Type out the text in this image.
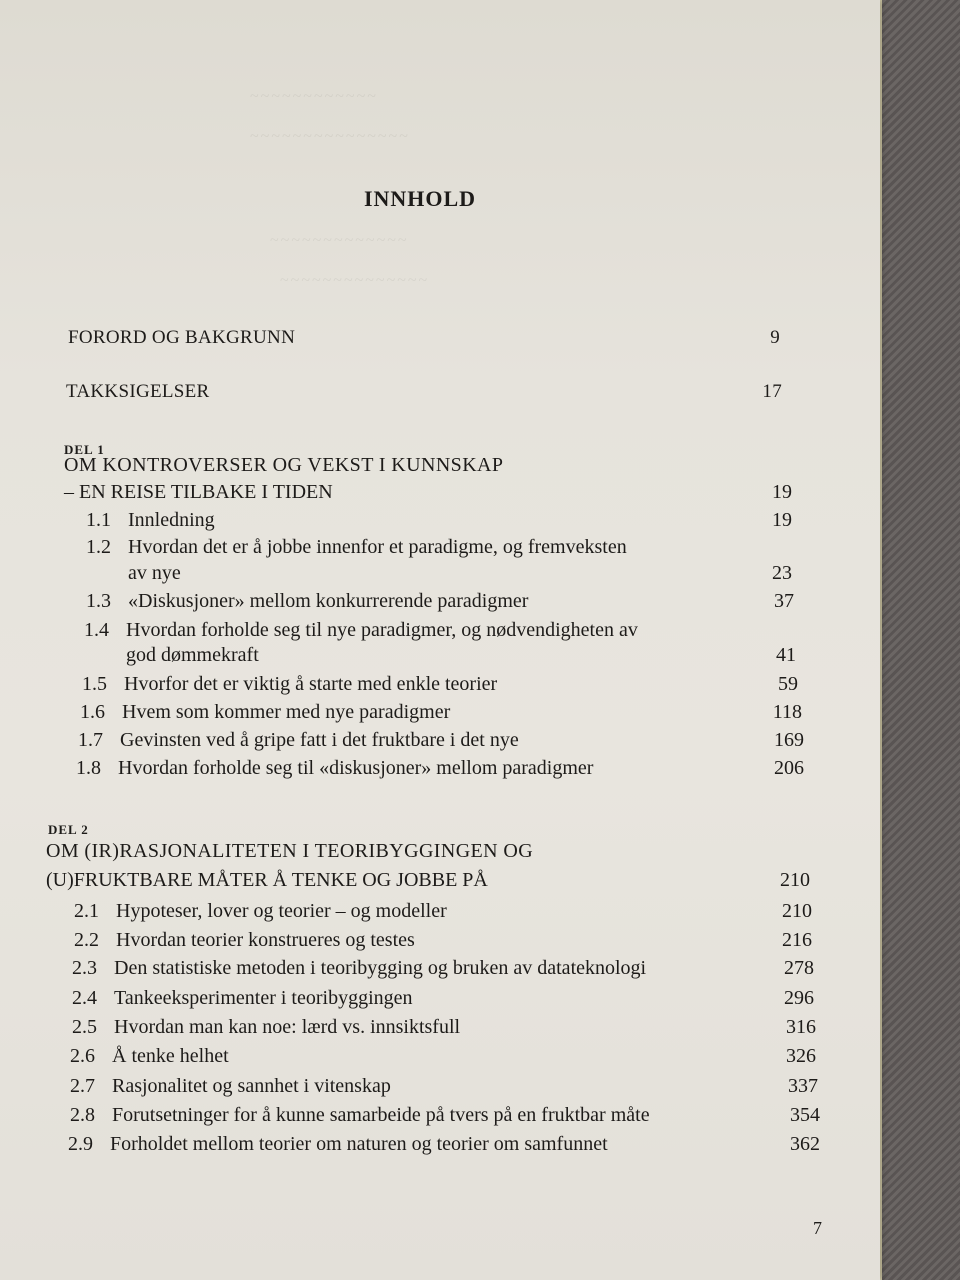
~~~~~~~~~~~~
~~~~~~~~~~~~~~~
~~~~~~~~~~~~~
~~~~~~~~~~~~~~
INNHOLD
FORORD OG BAKGRUNN	9
TAKKSIGELSER	17
DEL 1
OM KONTROVERSER OG VEKST I KUNNSKAP
– EN REISE TILBAKE I TIDEN	19
1.1 Innledning	19
1.2 Hvordan det er å jobbe innenfor et paradigme, og fremveksten
av nye	23
1.3 «Diskusjoner» mellom konkurrerende paradigmer	37
1.4 Hvordan forholde seg til nye paradigmer, og nødvendigheten av
god dømmekraft	41
1.5 Hvorfor det er viktig å starte med enkle teorier	59
1.6 Hvem som kommer med nye paradigmer	118
1.7 Gevinsten ved å gripe fatt i det fruktbare i det nye	169
1.8 Hvordan forholde seg til «diskusjoner» mellom paradigmer	206
DEL 2
OM (IR)RASJONALITETEN I TEORIBYGGINGEN OG
(U)FRUKTBARE MÅTER Å TENKE OG JOBBE PÅ	210
2.1 Hypoteser, lover og teorier – og modeller	210
2.2 Hvordan teorier konstrueres og testes	216
2.3 Den statistiske metoden i teoribygging og bruken av datateknologi	278
2.4 Tankeeksperimenter i teoribyggingen	296
2.5 Hvordan man kan noe: lærd vs. innsiktsfull	316
2.6 Å tenke helhet	326
2.7 Rasjonalitet og sannhet i vitenskap	337
2.8 Forutsetninger for å kunne samarbeide på tvers på en fruktbar måte	354
2.9 Forholdet mellom teorier om naturen og teorier om samfunnet	362
7
